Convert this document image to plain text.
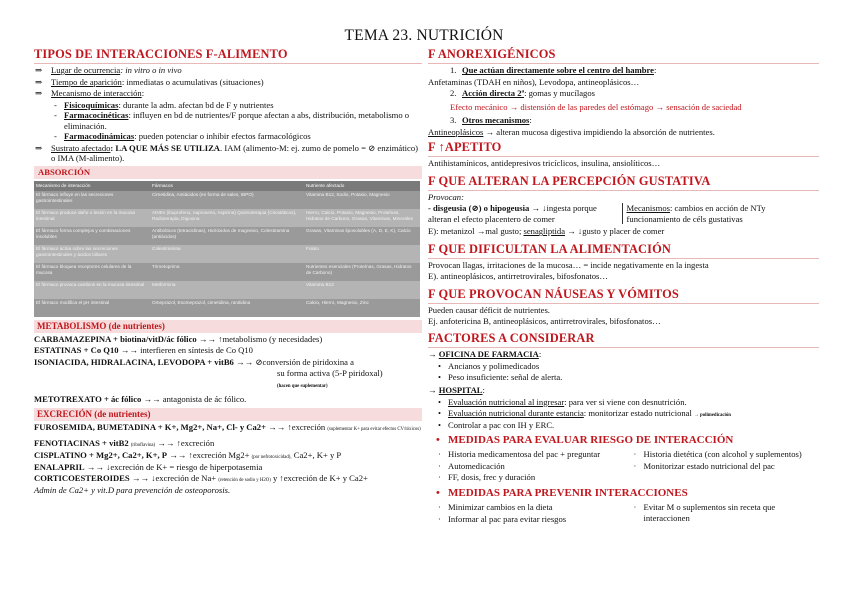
TEMA 23. NUTRICIÓN
TIPOS DE INTERACCIONES F-ALIMENTO
⇒ Lugar de ocurrencia: in vitro o in vivo
⇒ Tiempo de aparición: inmediatas o acumulativas (situaciones)
⇒ Mecanismo de interacción:
- Fisicoquímicas: durante la adm. afectan bd de F y nutrientes
- Farmacocinéticas: influyen en bd de nutrientes/F porque afectan a abs, distribución, metabolismo o eliminación.
- Farmacodinámicas: pueden potenciar o inhibir efectos farmacológicos
⇒ Sustrato afectado: LA QUE MÁS SE UTILIZA. IAM (alimento-M: ej. zumo de pomelo = ⊘ enzimático) o IMA (M-alimento).
ABSORCIÓN
Mecanismo de interacción	Fármacos	Nutriente afectado
El fármaco influye en las secreciones gastrointestinales	Cimetidina, Antiácidos (en forma de sales, IBPO)	Vitamina B12, Sodio, Potasio, Magnesio
El fármaco produce daño o lesión en la mucosa intestinal	AINEs (ibuprofeno, naproxeno, Aspirina) Quimioterapia (Citostáticos), Radioterapia, Digoxina	Hierro, Calcio, Potasio, Magnesio, Proteínas, Hidratos de Carbono, Grasas, Vitaminas, Minerales
El fármaco forma complejos y combinaciones insolubles	Antibióticos (tetraciclinas), Hidróxidos de magnesio, Colestiramina (antiácidos)	Grasas, Vitaminas liposolubles (A, D, E, K), Calcio
El fármaco actúa sobre las secreciones gastrointestinales y ácidos biliares	Colestiramina	Folato
El fármaco bloquea receptores celulares de la mucosa	Trimetoprima	Nutrientes esenciales (Proteínas, Grasas, Hidratos de Carbono)
El fármaco provoca cambios en la mucosa intestinal	Metformina	Vitamina B12
El fármaco modifica el pH intestinal	Omeprazol, Esomeprazol, cimetidina, ranitidina	Calcio, Hierro, Magnesio, Zinc
METABOLISMO (de nutrientes)
CARBAMAZEPINA + biotina/vitD/ác fólico →→ ↑metabolismo (y necesidades)
ESTATINAS + Co Q10 →→ interfieren en síntesis de Co Q10
ISONIACIDA, HIDRALACINA, LEVODOPA + vitB6 →→ ⊘conversión de piridoxina a
su forma activa (5-P piridoxal)
(hacen que suplementar)
METOTREXATO + ác fólico →→ antagonista de ác fólico.
EXCRECIÓN (de nutrientes)
FUROSEMIDA, BUMETADINA + K+, Mg2+, Na+, Cl- y Ca2+ →→ ↑excreción (suplementar K+ para evitar efectos CV/tóxicos)
FENOTIACINAS + vitB2 (riboflavina) →→ ↑excreción
CISPLATINO + Mg2+, Ca2+, K+, P →→ ↑excreción Mg2+ (por nefrotoxicidad), Ca2+, K+ y P
ENALAPRIL →→ ↓excreción de K+ = riesgo de hiperpotasemia
CORTICOESTEROIDES →→ ↓excreción de Na+ (retención de sodio y H2O) y ↑excreción de K+ y Ca2+
Admin de Ca2+ y vit.D para prevención de osteoporosis.
F ANOREXIGÉNICOS
1. Que actúan directamente sobre el centro del hambre:
Anfetaminas (TDAH en niños), Levodopa, antineoplásicos…
2. Acción directa 2ª: gomas y mucílagos
Efecto mecánico → distensión de las paredes del estómago → sensación de saciedad
3. Otros mecanismos:
Antineoplásicos → alteran mucosa digestiva impidiendo la absorción de nutrientes.
F ↑APETITO
Antihistamínicos, antidepresivos tricíclicos, insulina, ansiolíticos…
F QUE ALTERAN LA PERCEPCIÓN GUSTATIVA
Provocan:
- disgeusia (⊘) o hipogeusia → ↓ingesta porque alteran el efecto placentero de comer
Mecanismos: cambios en acción de NTy funcionamiento de céls gustativas
E): metanizol →mal gusto; senagliptida → ↓gusto y placer de comer
F QUE DIFICULTAN LA ALIMENTACIÓN
Provocan llagas, irritaciones de la mucosa… = incide negativamente en la ingesta
E). antineoplásicos, antirretrovirales, bifosfonatos…
F QUE PROVOCAN NÁUSEAS Y VÓMITOS
Pueden causar déficit de nutrientes.
Ej. anfotericina B, antineoplásicos, antirretrovirales, bifosfonatos…
FACTORES A CONSIDERAR
→ OFICINA DE FARMACIA:
• Ancianos y polimedicados
• Peso insuficiente: señal de alerta.
→ HOSPITAL:
• Evaluación nutricional al ingresar: para ver si viene con desnutrición.
• Evaluación nutricional durante estancia: monitorizar estado nutricional → polimedicación
• Controlar a pac con IH y ERC.
• MEDIDAS PARA EVALUAR RIESGO DE INTERACCIÓN
· Historia medicamentosa del pac + preguntar
· Automedicación
· FF, dosis, frec y duración
· Historia dietética (con alcohol y suplementos)
· Monitorizar estado nutricional del pac
• MEDIDAS PARA PREVENIR INTERACCIONES
· Minimizar cambios en la dieta
· Informar al pac para evitar riesgos
· Evitar M o suplementos sin receta que interaccionen
